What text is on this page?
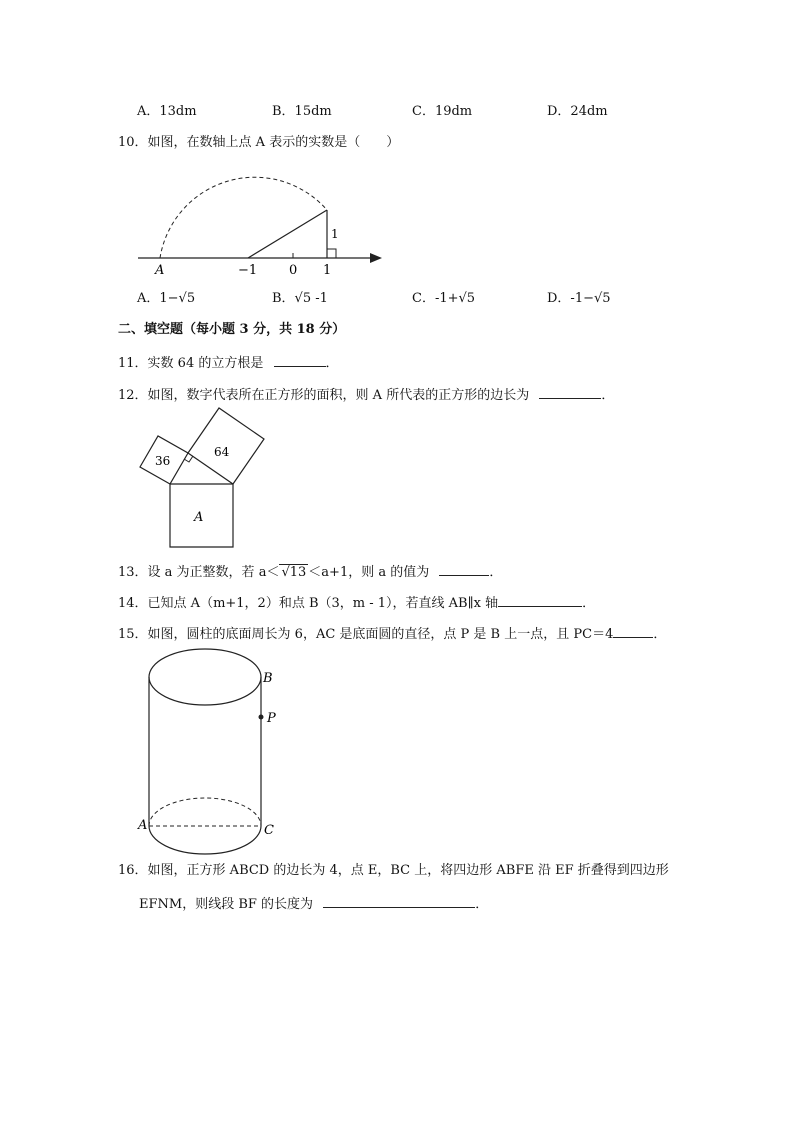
A．13dm	B．15dm	C．19dm	D．24dm
10．如图，在数轴上点 A 表示的实数是（　　）
A	−1 0 1
1
A．1−√5	B．√5 -1	C．-1+√5	D．-1−√5
二、填空题（每小题 3 分，共 18 分）
11．实数 64 的立方根是	．
12．如图，数字代表所在正方形的面积，则 A 所代表的正方形的边长为	．
36
64
A
13．设 a 为正整数，若 a＜ √13 ＜a+1，则 a 的值为	．
14．已知点 A（m+1，2）和点 B（3，m - 1），若直线 AB∥x 轴	．
15．如图，圆柱的底面周长为 6，AC 是底面圆的直径，点 P 是 B 上一点，且 PC＝4	．
B
P
A	C
16．如图，正方形 ABCD 的边长为 4，点 E，BC 上，将四边形 ABFE 沿 EF 折叠得到四边形
EFNM，则线段 BF 的长度为	．
